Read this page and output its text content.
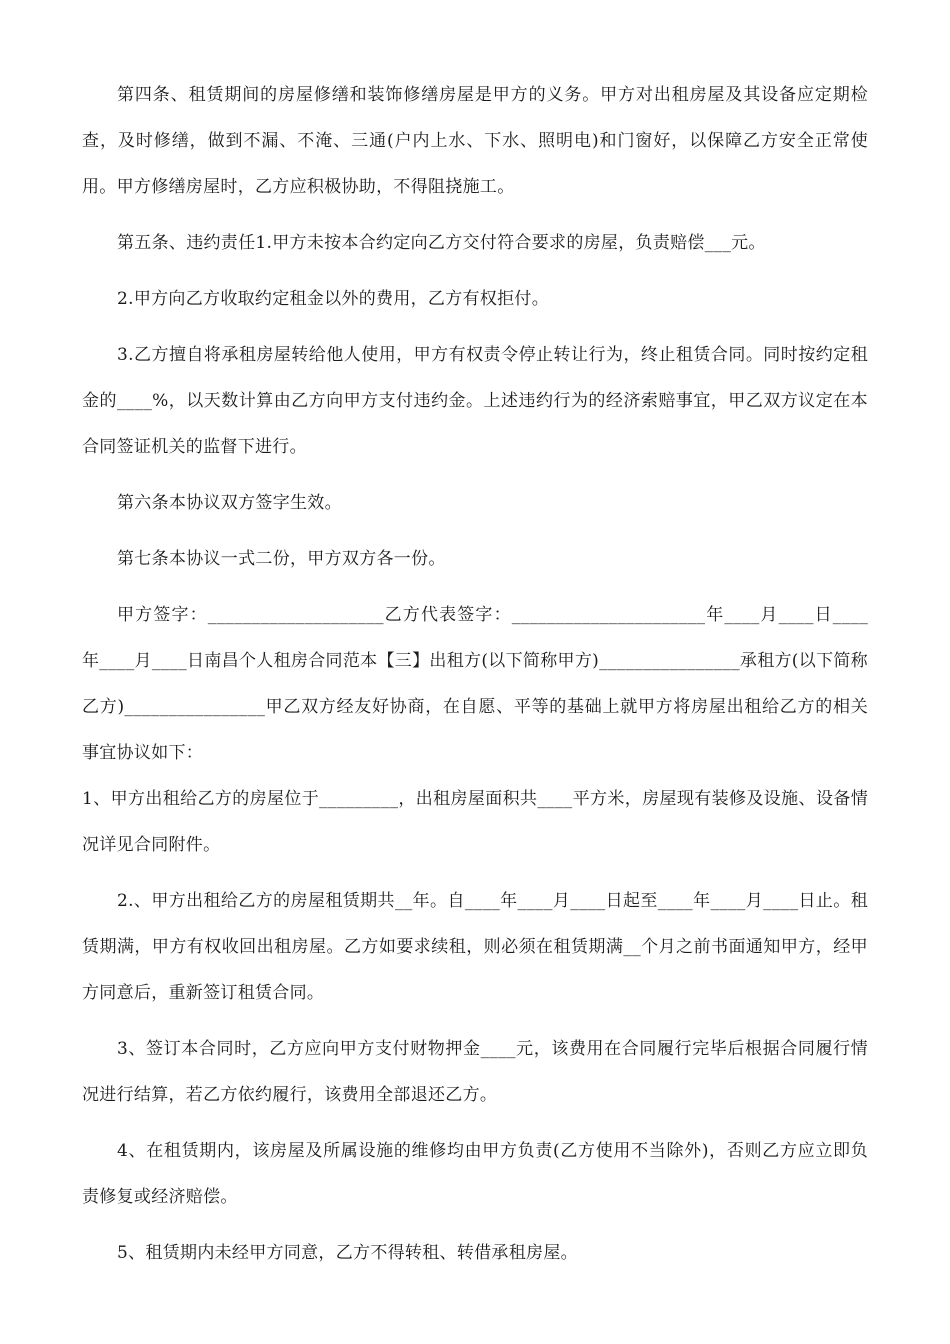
第四条、租赁期间的房屋修缮和装饰修缮房屋是甲方的义务。甲方对出租房屋及其设备应定期检查，及时修缮，做到不漏、不淹、三通(户内上水、下水、照明电)和门窗好，以保障乙方安全正常使用。甲方修缮房屋时，乙方应积极协助，不得阻挠施工。

第五条、违约责任1.甲方未按本合约定向乙方交付符合要求的房屋，负责赔偿___元。

2.甲方向乙方收取约定租金以外的费用，乙方有权拒付。

3.乙方擅自将承租房屋转给他人使用，甲方有权责令停止转让行为，终止租赁合同。同时按约定租金的____%，以天数计算由乙方向甲方支付违约金。上述违约行为的经济索赔事宜，甲乙双方议定在本合同签证机关的监督下进行。

第六条本协议双方签字生效。

第七条本协议一式二份，甲方双方各一份。

甲方签字：____________________乙方代表签字：______________________年____月____日____年____月____日南昌个人租房合同范本【三】出租方(以下简称甲方)________________承租方(以下简称乙方)________________甲乙双方经友好协商，在自愿、平等的基础上就甲方将房屋出租给乙方的相关事宜协议如下：

1、甲方出租给乙方的房屋位于_________，出租房屋面积共____平方米，房屋现有装修及设施、设备情况详见合同附件。

2.、甲方出租给乙方的房屋租赁期共__年。自____年____月____日起至____年____月____日止。租赁期满，甲方有权收回出租房屋。乙方如要求续租，则必须在租赁期满__个月之前书面通知甲方，经甲方同意后，重新签订租赁合同。

3、签订本合同时，乙方应向甲方支付财物押金____元，该费用在合同履行完毕后根据合同履行情况进行结算，若乙方依约履行，该费用全部退还乙方。

4、在租赁期内，该房屋及所属设施的维修均由甲方负责(乙方使用不当除外)，否则乙方应立即负责修复或经济赔偿。

5、租赁期内未经甲方同意，乙方不得转租、转借承租房屋。
